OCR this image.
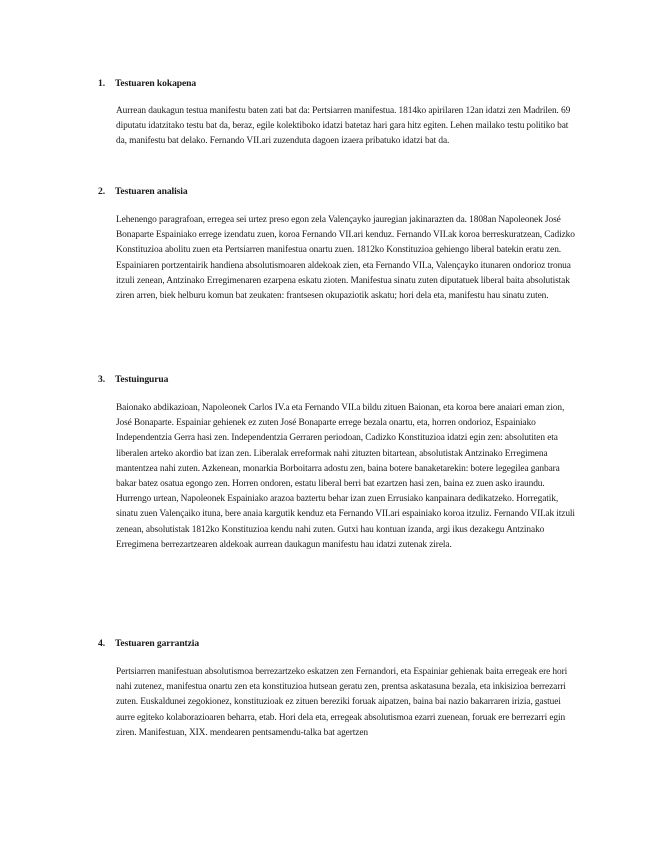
1. Testuaren kokapena

Aurrean daukagun testua manifestu baten zati bat da: Pertsiarren manifestua. 1814ko apirilaren 12an idatzi zen Madrilen. 69 diputatu idatzitako testu bat da, beraz, egile kolektiboko idatzi batetaz hari gara hitz egiten. Lehen mailako testu politiko bat da, manifestu bat delako. Fernando VII.ari zuzenduta dagoen izaera pribatuko idatzi bat da.

2. Testuaren analisia

Lehenengo paragrafoan, erregea sei urtez preso egon zela Valençayko jauregian jakinarazten da. 1808an Napoleonek José Bonaparte Espainiako errege izendatu zuen, koroa Fernando VII.ari kenduz. Fernando VII.ak koroa berreskuratzean, Cadizko Konstituzioa abolitu zuen eta Pertsiarren manifestua onartu zuen. 1812ko Konstituzioa gehiengo liberal batekin eratu zen. Espainiaren portzentairik handiena absolutismoaren aldekoak zien, eta Fernando VII.a, Valençayko itunaren ondorioz tronua itzuli zenean, Antzinako Erregimenaren ezarpena eskatu zioten. Manifestua sinatu zuten diputatuek liberal baita absolutistak ziren arren, biek helburu komun bat zeukaten: frantsesen okupaziotik askatu; hori dela eta, manifestu hau sinatu zuten.

3. Testuingurua

Baionako abdikazioan, Napoleonek Carlos IV.a eta Fernando VII.a bildu zituen Baionan, eta koroa bere anaiari eman zion, José Bonaparte. Espainiar gehienek ez zuten José Bonaparte errege bezala onartu, eta, horren ondorioz, Espainiako Independentzia Gerra hasi zen. Independentzia Gerraren periodoan, Cadizko Konstituzioa idatzi egin zen: absolutiten eta liberalen arteko akordio bat izan zen. Liberalak erreformak nahi zituzten bitartean, absolutistak Antzinako Erregimena mantentzea nahi zuten. Azkenean, monarkia Borboitarra adostu zen, baina botere banaketarekin: botere legegilea ganbara bakar batez osatua egongo zen. Horren ondoren, estatu liberal berri bat ezartzen hasi zen, baina ez zuen asko iraundu. Hurrengo urtean, Napoleonek Espainiako arazoa baztertu behar izan zuen Errusiako kanpainara dedikatzeko. Horregatik, sinatu zuen Valençaiko ituna, bere anaia kargutik kenduz eta Fernando VII.ari espainiako koroa itzuliz. Fernando VII.ak itzuli zenean, absolutistak 1812ko Konstituzioa kendu nahi zuten. Gutxi hau kontuan izanda, argi ikus dezakegu Antzinako Erregimena berrezartzearen aldekoak aurrean daukagun manifestu hau idatzi zutenak zirela.

4. Testuaren garrantzia

Pertsiarren manifestuan absolutismoa berrezartzeko eskatzen zen Fernandori, eta Espainiar gehienak baita erregeak ere hori nahi zutenez, manifestua onartu zen eta konstituzioa hutsean geratu zen, prentsa askatasuna bezala, eta inkisizioa berrezarri zuten. Euskaldunei zegokionez, konstituzioak ez zituen bereziki foruak aipatzen, baina bai nazio bakarraren irizia, gastuei aurre egiteko kolaborazioaren beharra, etab. Hori dela eta, erregeak absolutismoa ezarri zuenean, foruak ere berrezarri egin ziren. Manifestuan, XIX. mendearen pentsamendu-talka bat agertzen
